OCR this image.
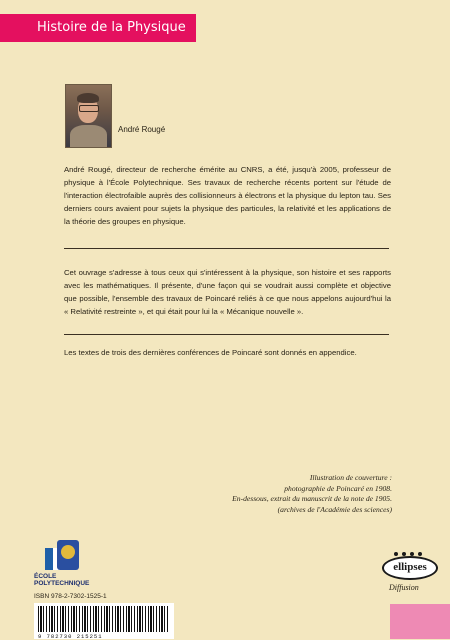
Histoire de la Physique
André Rougé
André Rougé, directeur de recherche émérite au CNRS, a été, jusqu'à 2005, professeur de physique à l'École Polytechnique. Ses travaux de recherche récents portent sur l'étude de l'interaction électrofaible auprès des collisionneurs à électrons et la physique du lepton tau. Ses derniers cours avaient pour sujets la physique des particules, la relativité et les applications de la théorie des groupes en physique.
Cet ouvrage s'adresse à tous ceux qui s'intéressent à la physique, son histoire et ses rapports avec les mathématiques. Il présente, d'une façon qui se voudrait aussi complète et objective que possible, l'ensemble des travaux de Poincaré reliés à ce que nous appelons aujourd'hui la « Relativité restreinte », et qui était pour lui la « Mécanique nouvelle ».
Les textes de trois des dernières conférences de Poincaré sont donnés en appendice.
Illustration de couverture :
photographie de Poincaré en 1908.
En-dessous, extrait du manuscrit de la note de 1905.
(archives de l'Académie des sciences)
ÉCOLE
POLYTECHNIQUE
ISBN 978-2-7302-1525-1
9 782730 215251
ellipses
Diffusion
